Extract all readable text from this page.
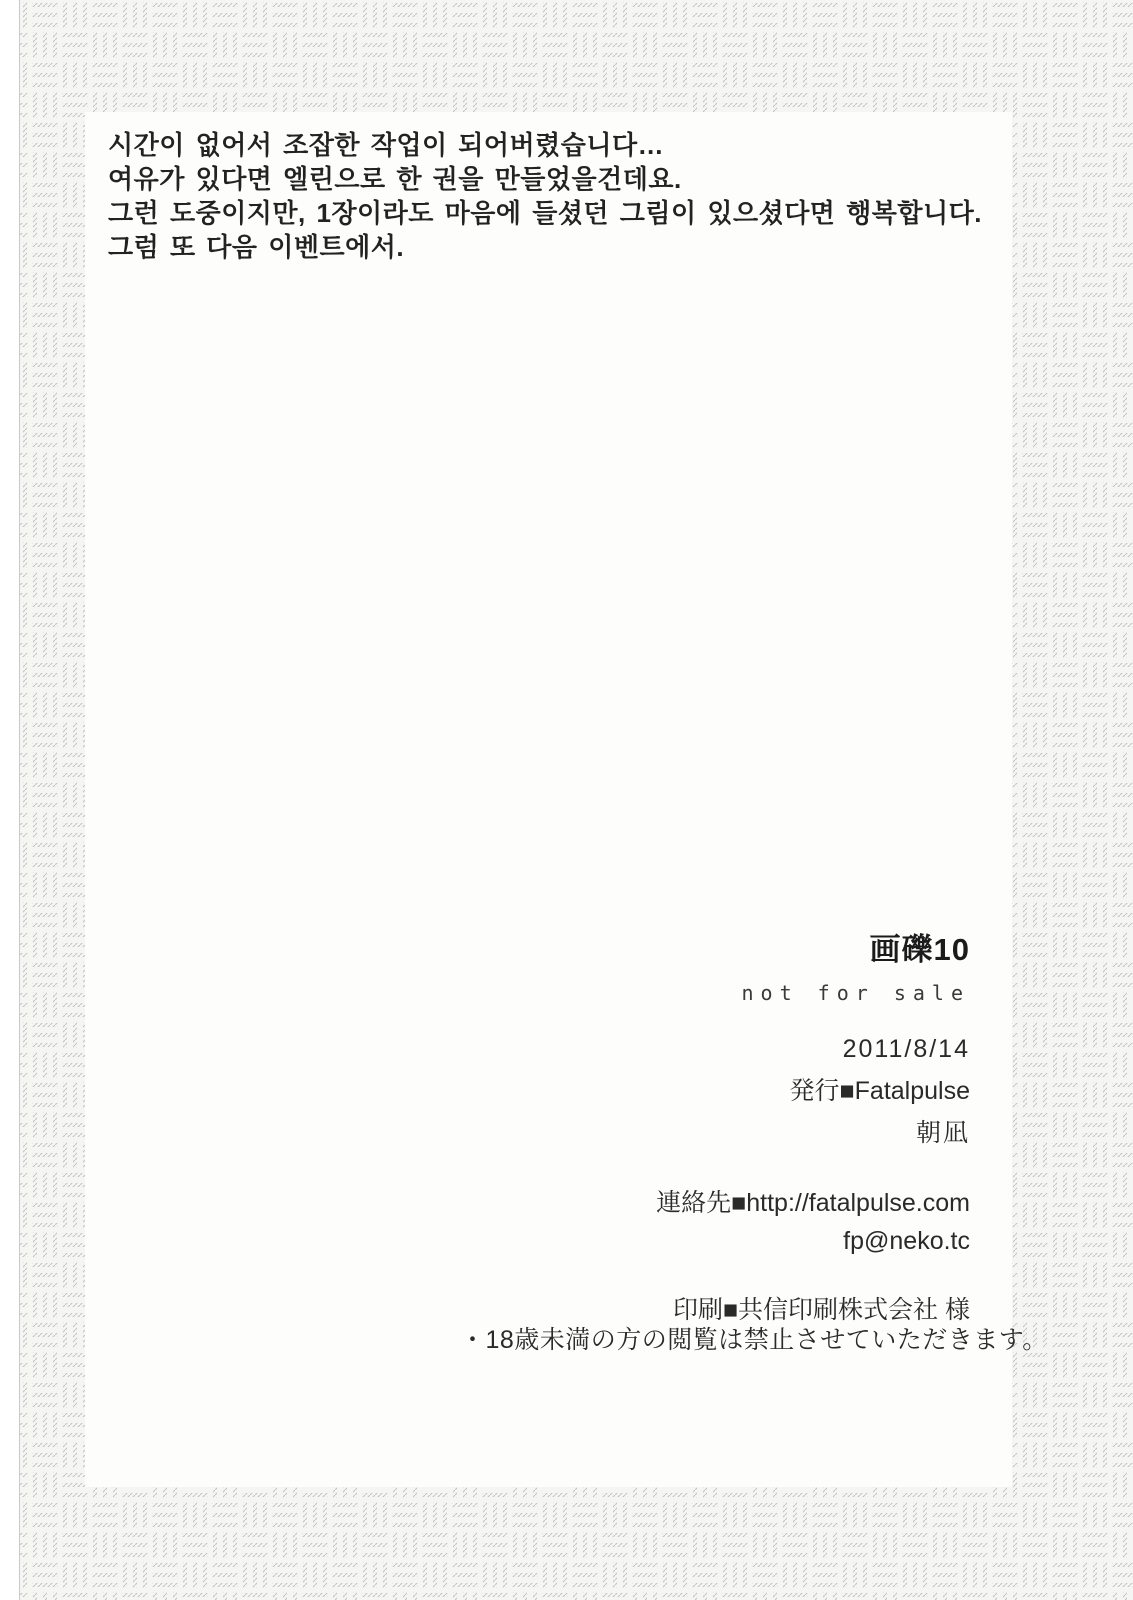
시간이 없어서 조잡한 작업이 되어버렸습니다…
여유가 있다면 엘린으로 한 권을 만들었을건데요.
그런 도중이지만, 1장이라도 마음에 들셨던 그림이 있으셨다면 행복합니다.
그럼 또 다음 이벤트에서.
画礫10
not for sale
2011/8/14
発行■Fatalpulse
朝凪
連絡先■http://fatalpulse.com
fp@neko.tc
印刷■共信印刷株式会社 様
・18歳未満の方の閲覧は禁止させていただきます。
